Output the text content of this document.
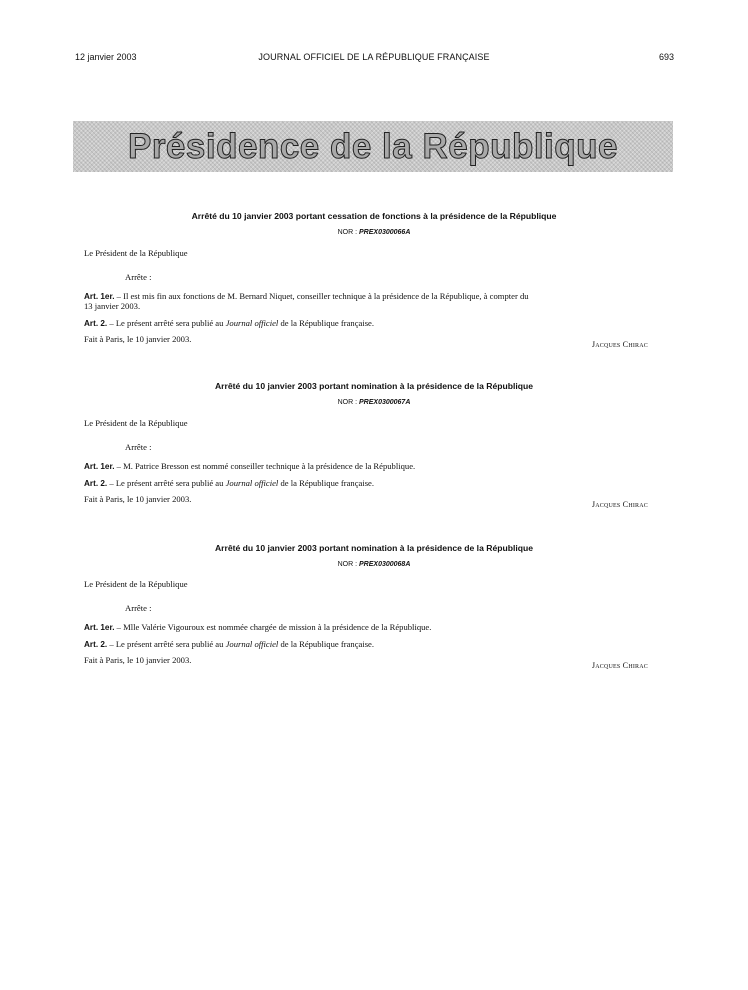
JOURNAL OFFICIEL DE LA RÉPUBLIQUE FRANÇAISE
12 janvier 2003	693
Présidence de la République
Arrêté du 10 janvier 2003 portant cessation de fonctions à la présidence de la République
NOR : PREX0300066A
Le Président de la République
Arrête :
Art. 1er. – Il est mis fin aux fonctions de M. Bernard Niquet, conseiller technique à la présidence de la République, à compter du
13 janvier 2003.
Art. 2. – Le présent arrêté sera publié au Journal officiel de la République française.
Fait à Paris, le 10 janvier 2003.
Jacques Chirac
Arrêté du 10 janvier 2003 portant nomination à la présidence de la République
NOR : PREX0300067A
Le Président de la République
Arrête :
Art. 1er. – M. Patrice Bresson est nommé conseiller technique à la présidence de la République.
Art. 2. – Le présent arrêté sera publié au Journal officiel de la République française.
Fait à Paris, le 10 janvier 2003.
Jacques Chirac
Arrêté du 10 janvier 2003 portant nomination à la présidence de la République
NOR : PREX0300068A
Le Président de la République
Arrête :
Art. 1er. – Mlle Valérie Vigouroux est nommée chargée de mission à la présidence de la République.
Art. 2. – Le présent arrêté sera publié au Journal officiel de la République française.
Fait à Paris, le 10 janvier 2003.
Jacques Chirac
